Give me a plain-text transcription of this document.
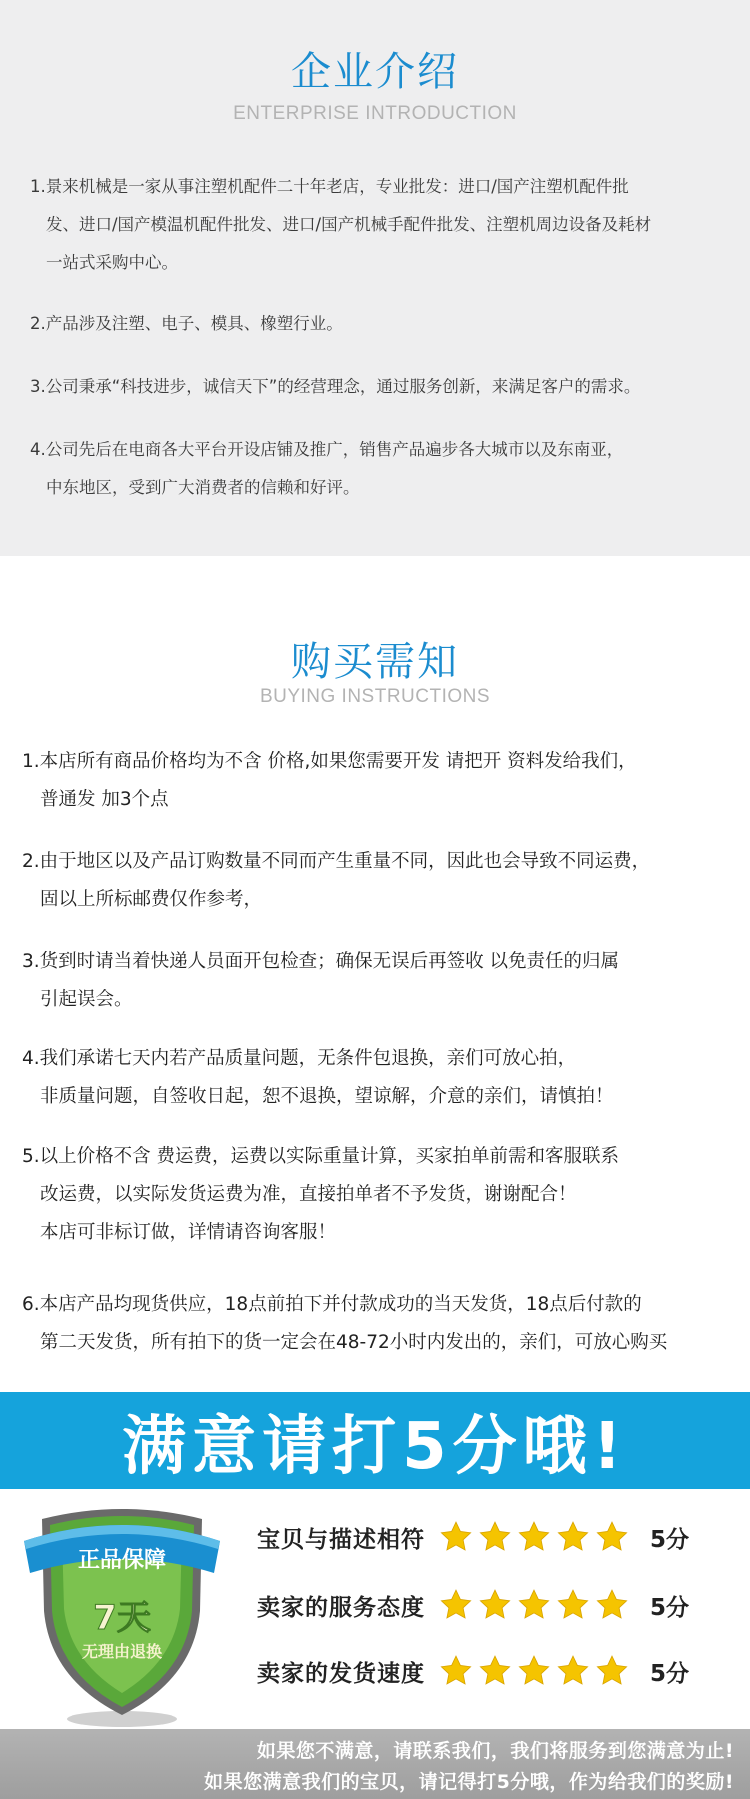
企业介绍
ENTERPRISE INTRODUCTION
1.景来机械是一家从事注塑机配件二十年老店，专业批发：进口/国产注塑机配件批
发、进口/国产模温机配件批发、进口/国产机械手配件批发、注塑机周边设备及耗材
一站式采购中心。
2.产品涉及注塑、电子、模具、橡塑行业。
3.公司秉承“科技进步，诚信天下”的经营理念，通过服务创新，来满足客户的需求。
4.公司先后在电商各大平台开设店铺及推广，销售产品遍步各大城市以及东南亚，
中东地区，受到广大消费者的信赖和好评。
购买需知
BUYING INSTRUCTIONS
1.本店所有商品价格均为不含 价格,如果您需要开发 请把开 资料发给我们，
普通发 加3个点
2.由于地区以及产品订购数量不同而产生重量不同，因此也会导致不同运费，
固以上所标邮费仅作参考，
3.货到时请当着快递人员面开包检查；确保无误后再签收 以免责任的归属
引起误会。
4.我们承诺七天内若产品质量问题，无条件包退换，亲们可放心拍，
非质量问题，自签收日起，恕不退换，望谅解，介意的亲们，请慎拍！
5.以上价格不含 费运费，运费以实际重量计算，买家拍单前需和客服联系
改运费，以实际发货运费为准，直接拍单者不予发货，谢谢配合！
本店可非标订做，详情请咨询客服！
6.本店产品均现货供应，18点前拍下并付款成功的当天发货，18点后付款的
第二天发货，所有拍下的货一定会在48-72小时内发出的，亲们，可放心购买
满意请打5分哦!
正品保障
7天
无理由退换
宝贝与描述相符	5分
卖家的服务态度	5分
卖家的发货速度	5分
如果您不满意，请联系我们，我们将服务到您满意为止!
如果您满意我们的宝贝，请记得打5分哦，作为给我们的奖励!
